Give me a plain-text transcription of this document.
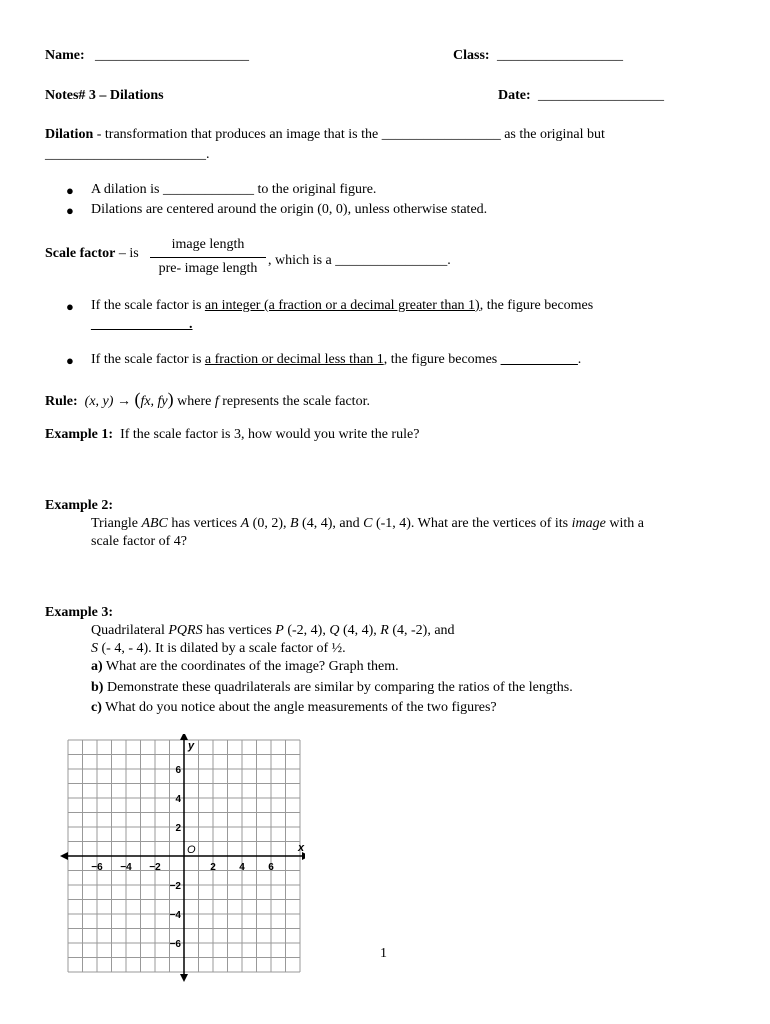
Name: ______________________	Class: __________________
Notes# 3 – Dilations	Date: __________________
Dilation - transformation that produces an image that is the _________________ as the original but
_______________________.
● A dilation is _____________ to the original figure.
● Dilations are centered around the origin (0, 0), unless otherwise stated.
Scale factor – is
image length
pre- image length
, which is a ________________.
● If the scale factor is an integer (a fraction or a decimal greater than 1), the figure becomes
______________.
● If the scale factor is a fraction or decimal less than 1, the figure becomes ___________.
Rule: (x, y) → (fx, fy) where f represents the scale factor.
Example 1: If the scale factor is 3, how would you write the rule?
Example 2:
Triangle ABC has vertices A (0, 2), B (4, 4), and C (-1, 4). What are the vertices of its image with a
scale factor of 4?
Example 3:
Quadrilateral PQRS has vertices P (-2, 4), Q (4, 4), R (4, -2), and
S (- 4, - 4). It is dilated by a scale factor of ½.
a) What are the coordinates of the image? Graph them.
b) Demonstrate these quadrilaterals are similar by comparing the ratios of the lengths.
c) What do you notice about the angle measurements of the two figures?
−6 −4 −2	2 4 6
6
4
2
−2
−4
−6
x
y
O
1
